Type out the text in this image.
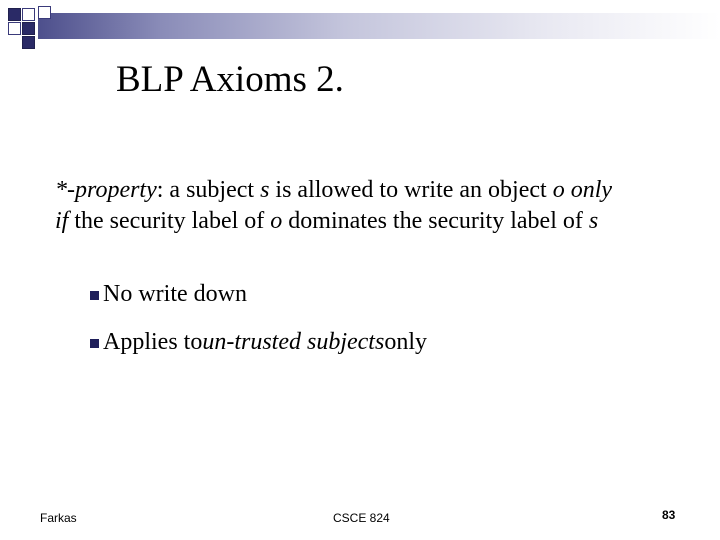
BLP Axioms 2.
*-property: a subject s is allowed to write an object o only if the security label of o dominates the security label of s
No write down
Applies to un-trusted subjects only
Farkas	CSCE 824	83
